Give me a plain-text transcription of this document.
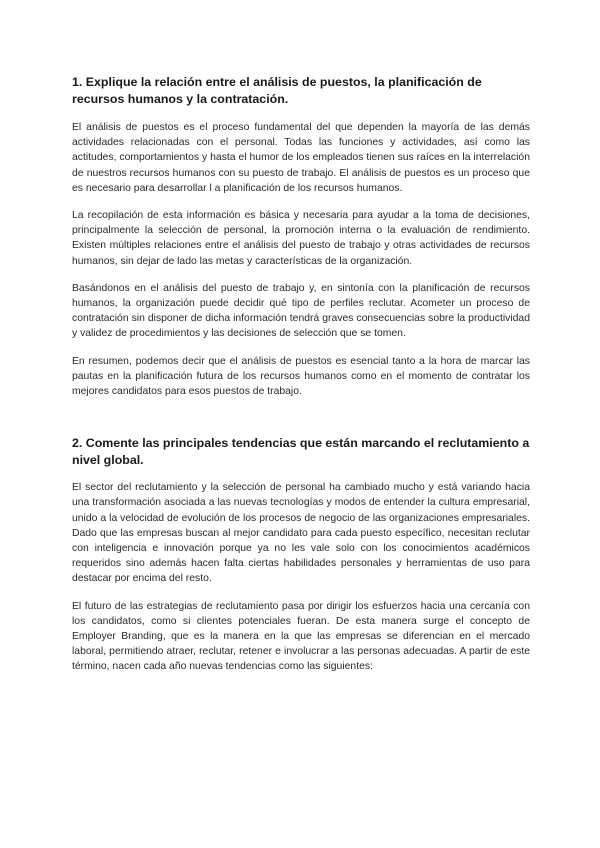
1. Explique la relación entre el análisis de puestos, la planificación de recursos humanos y la contratación.

El análisis de puestos es el proceso fundamental del que dependen la mayoría de las demás actividades relacionadas con el personal. Todas las funciones y actividades, así como las actitudes, comportamientos y hasta el humor de los empleados tienen sus raíces en la interrelación de nuestros recursos humanos con su puesto de trabajo. El análisis de puestos es un proceso que es necesario para desarrollar l a planificación de los recursos humanos.

La recopilación de esta información es básica y necesaria para ayudar a la toma de decisiones, principalmente la selección de personal, la promoción interna o la evaluación de rendimiento. Existen múltiples relaciones entre el análisis del puesto de trabajo y otras actividades de recursos humanos, sin dejar de lado las metas y características de la organización.

Basándonos en el análisis del puesto de trabajo y, en sintonía con la planificación de recursos humanos, la organización puede decidir qué tipo de perfiles reclutar. Acometer un proceso de contratación sin disponer de dicha información tendrá graves consecuencias sobre la productividad y validez de procedimientos y las decisiones de selección que se tomen.

En resumen, podemos decir que el análisis de puestos es esencial tanto a la hora de marcar las pautas en la planificación futura de los recursos humanos como en el momento de contratar los mejores candidatos para esos puestos de trabajo.

2. Comente las principales tendencias que están marcando el reclutamiento a nivel global.

El sector del reclutamiento y la selección de personal ha cambiado mucho y está variando hacia una transformación asociada a las nuevas tecnologías y modos de entender la cultura empresarial, unido a la velocidad de evolución de los procesos de negocio de las organizaciones empresariales. Dado que las empresas buscan al mejor candidato para cada puesto específico, necesitan reclutar con inteligencia e innovación porque ya no les vale solo con los conocimientos académicos requeridos sino además hacen falta ciertas habilidades personales y herramientas de uso para destacar por encima del resto.

El futuro de las estrategias de reclutamiento pasa por dirigir los esfuerzos hacia una cercanía con los candidatos, como si clientes potenciales fueran. De esta manera surge el concepto de Employer Branding, que es la manera en la que las empresas se diferencian en el mercado laboral, permitiendo atraer, reclutar, retener e involucrar a las personas adecuadas. A partir de este término, nacen cada año nuevas tendencias como las siguientes:
